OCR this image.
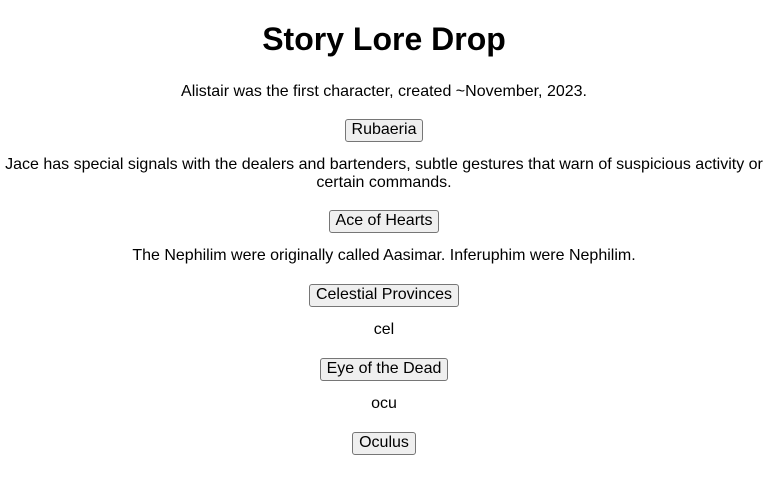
Story Lore Drop

Alistair was the first character, created ~November, 2023.

Rubaeria

Jace has special signals with the dealers and bartenders, subtle gestures that warn of suspicious activity or certain commands.

Ace of Hearts

The Nephilim were originally called Aasimar. Inferuphim were Nephilim.

Celestial Provinces

cel

Eye of the Dead

ocu

Oculus
